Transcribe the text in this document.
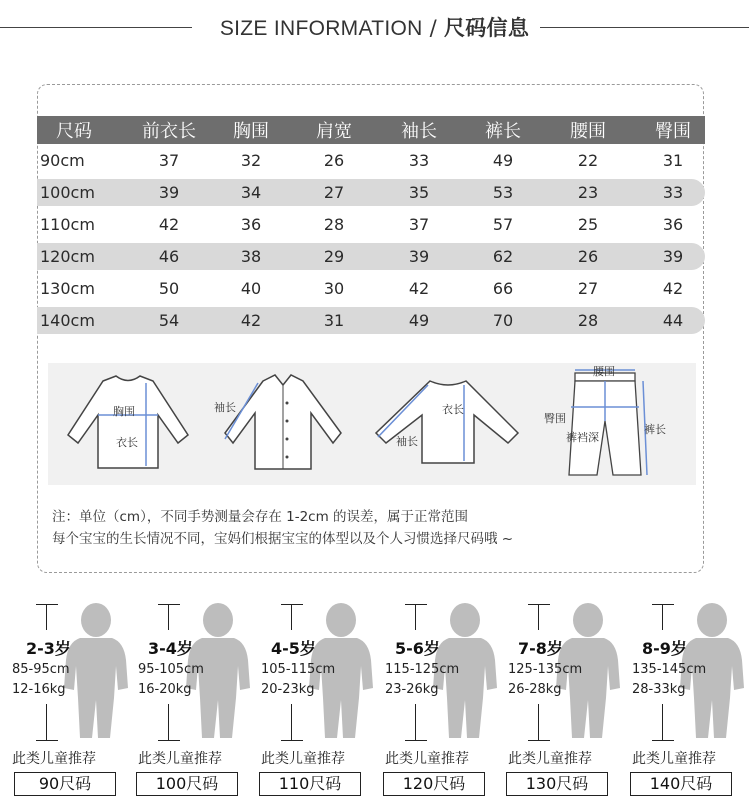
SIZE INFORMATION / 尺码信息
尺码	前衣长	胸围	肩宽	袖长	裤长	腰围	臀围
90cm	37	32	26	33	49	22	31
100cm	39	34	27	35	53	23	33
110cm	42	36	28	37	57	25	36
120cm	46	38	29	39	62	26	39
130cm	50	40	30	42	66	27	42
140cm	54	42	31	49	70	28	44
胸围
衣长
袖长	衣长
袖长
腰围
臀围
裤裆深
裤长
注：单位（cm），不同手势测量会存在 1-2cm 的误差，属于正常范围
每个宝宝的生长情况不同，宝妈们根据宝宝的体型以及个人习惯选择尺码哦 ~
2-3岁
85-95cm
12-16kg
此类儿童推荐
90尺码
3-4岁
95-105cm
16-20kg
此类儿童推荐
100尺码
4-5岁
105-115cm
20-23kg
此类儿童推荐
110尺码
5-6岁
115-125cm
23-26kg
此类儿童推荐
120尺码
7-8岁
125-135cm
26-28kg
此类儿童推荐
130尺码
8-9岁
135-145cm
28-33kg
此类儿童推荐
140尺码
